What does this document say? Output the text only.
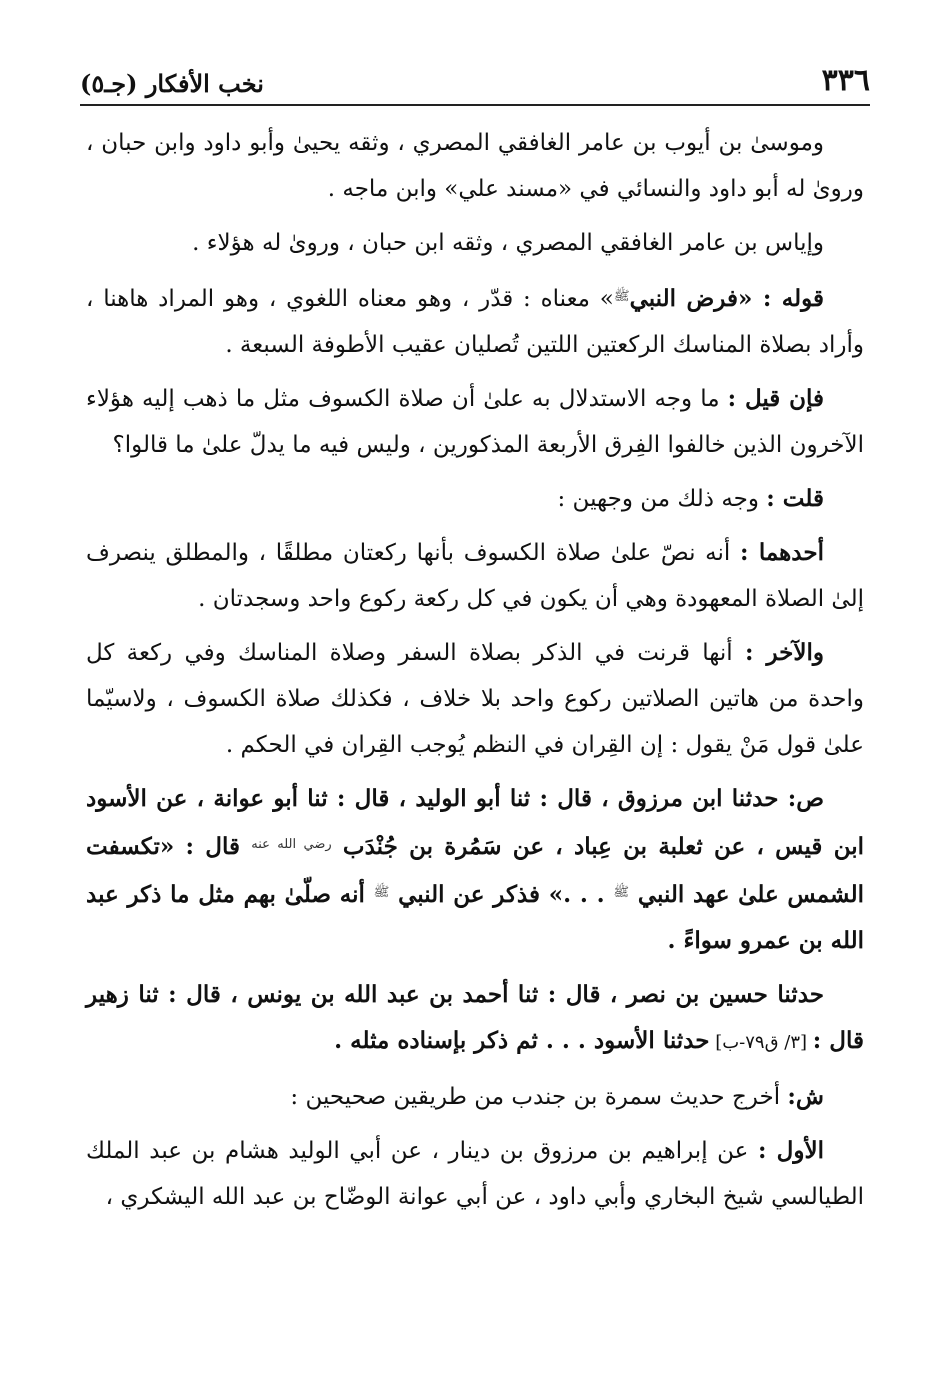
٣٣٦
نخب الأفكار (جـ٥)

وموسىٰ بن أيوب بن عامر الغافقي المصري ، وثقه يحيىٰ وأبو داود وابن حبان ، وروىٰ له أبو داود والنسائي في «مسند علي» وابن ماجه .

وإياس بن عامر الغافقي المصري ، وثقه ابن حبان ، وروىٰ له هؤلاء .

قوله : «فرض النبي$^ﷺ$» معناه : قدّر ، وهو معناه اللغوي ، وهو المراد هاهنا ، وأراد بصلاة المناسك الركعتين اللتين تُصليان عقيب الأطوفة السبعة .

فإن قيل : ما وجه الاستدلال به علىٰ أن صلاة الكسوف مثل ما ذهب إليه هؤلاء الآخرون الذين خالفوا الفِرق الأربعة المذكورين ، وليس فيه ما يدلّ علىٰ ما قالوا؟

قلت : وجه ذلك من وجهين :

أحدهما : أنه نصّ علىٰ صلاة الكسوف بأنها ركعتان مطلقًا ، والمطلق ينصرف إلىٰ الصلاة المعهودة وهي أن يكون في كل ركعة ركوع واحد وسجدتان .

والآخر : أنها قرنت في الذكر بصلاة السفر وصلاة المناسك وفي ركعة كل واحدة من هاتين الصلاتين ركوع واحد بلا خلاف ، فكذلك صلاة الكسوف ، ولاسيّما علىٰ قول مَنْ يقول : إن القِران في النظم يُوجب القِران في الحكم .

ص: حدثنا ابن مرزوق ، قال : ثنا أبو الوليد ، قال : ثنا أبو عوانة ، عن الأسود ابن قيس ، عن ثعلبة بن عِباد ، عن سَمُرة بن جُنْدَب $^{رضي الله عنه}$ قال : «تكسفت الشمس علىٰ عهد النبي $^ﷺ$ . . .» فذكر عن النبي $^ﷺ$ أنه صلّىٰ بهم مثل ما ذكر عبد الله بن عمرو سواءً .

حدثنا حسين بن نصر ، قال : ثنا أحمد بن عبد الله بن يونس ، قال : ثنا زهير قال : [٣/ ق٧٩-ب] حدثنا الأسود . . . ثم ذكر بإسناده مثله .

ش: أخرج حديث سمرة بن جندب من طريقين صحيحين :

الأول : عن إبراهيم بن مرزوق بن دينار ، عن أبي الوليد هشام بن عبد الملك الطيالسي شيخ البخاري وأبي داود ، عن أبي عوانة الوضّاح بن عبد الله اليشكري ،
